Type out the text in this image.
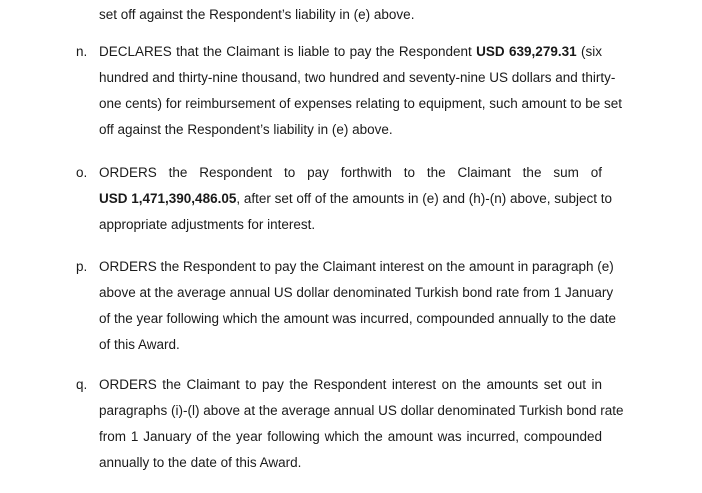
set off against the Respondent’s liability in (e) above.
n. DECLARES that the Claimant is liable to pay the Respondent USD 639,279.31 (six
hundred and thirty-nine thousand, two hundred and seventy-nine US dollars and thirty-
one cents) for reimbursement of expenses relating to equipment, such amount to be set
off against the Respondent’s liability in (e) above.
o. ORDERS the Respondent to pay forthwith to the Claimant the sum of
USD 1,471,390,486.05, after set off of the amounts in (e) and (h)-(n) above, subject to
appropriate adjustments for interest.
p. ORDERS the Respondent to pay the Claimant interest on the amount in paragraph (e)
above at the average annual US dollar denominated Turkish bond rate from 1 January
of the year following which the amount was incurred, compounded annually to the date
of this Award.
q. ORDERS the Claimant to pay the Respondent interest on the amounts set out in
paragraphs (i)-(l) above at the average annual US dollar denominated Turkish bond rate
from 1 January of the year following which the amount was incurred, compounded
annually to the date of this Award.
